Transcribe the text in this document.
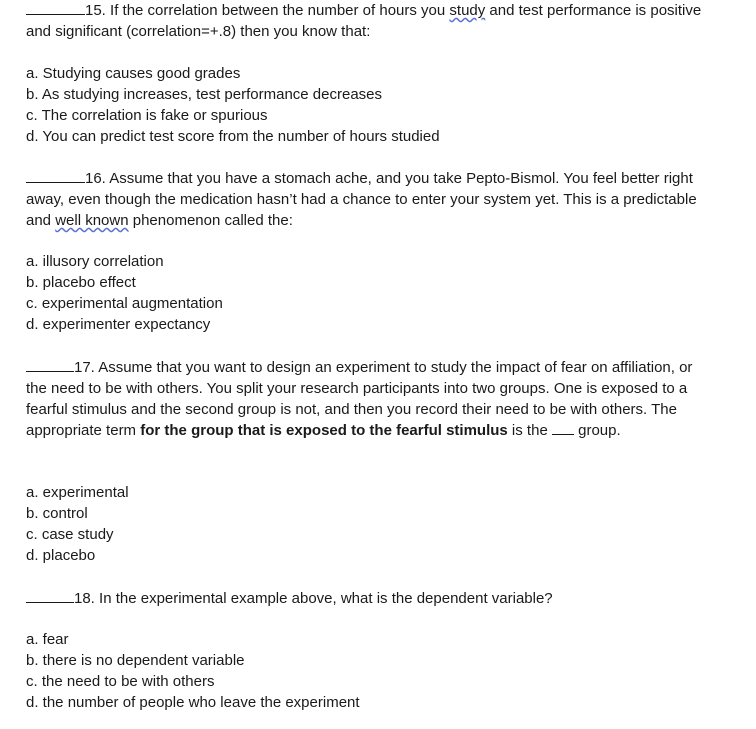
15. If the correlation between the number of hours you study and test performance is positive and significant (correlation=+.8) then you know that:

a. Studying causes good grades
b. As studying increases, test performance decreases
c. The correlation is fake or spurious
d. You can predict test score from the number of hours studied

16. Assume that you have a stomach ache, and you take Pepto-Bismol. You feel better right away, even though the medication hasn’t had a chance to enter your system yet. This is a predictable and well known phenomenon called the:

a. illusory correlation
b. placebo effect
c. experimental augmentation
d. experimenter expectancy

17. Assume that you want to design an experiment to study the impact of fear on affiliation, or the need to be with others. You split your research participants into two groups. One is exposed to a fearful stimulus and the second group is not, and then you record their need to be with others. The appropriate term for the group that is exposed to the fearful stimulus is the  group.

a. experimental
b. control
c. case study
d. placebo

18. In the experimental example above, what is the dependent variable?

a. fear
b. there is no dependent variable
c. the need to be with others
d. the number of people who leave the experiment
